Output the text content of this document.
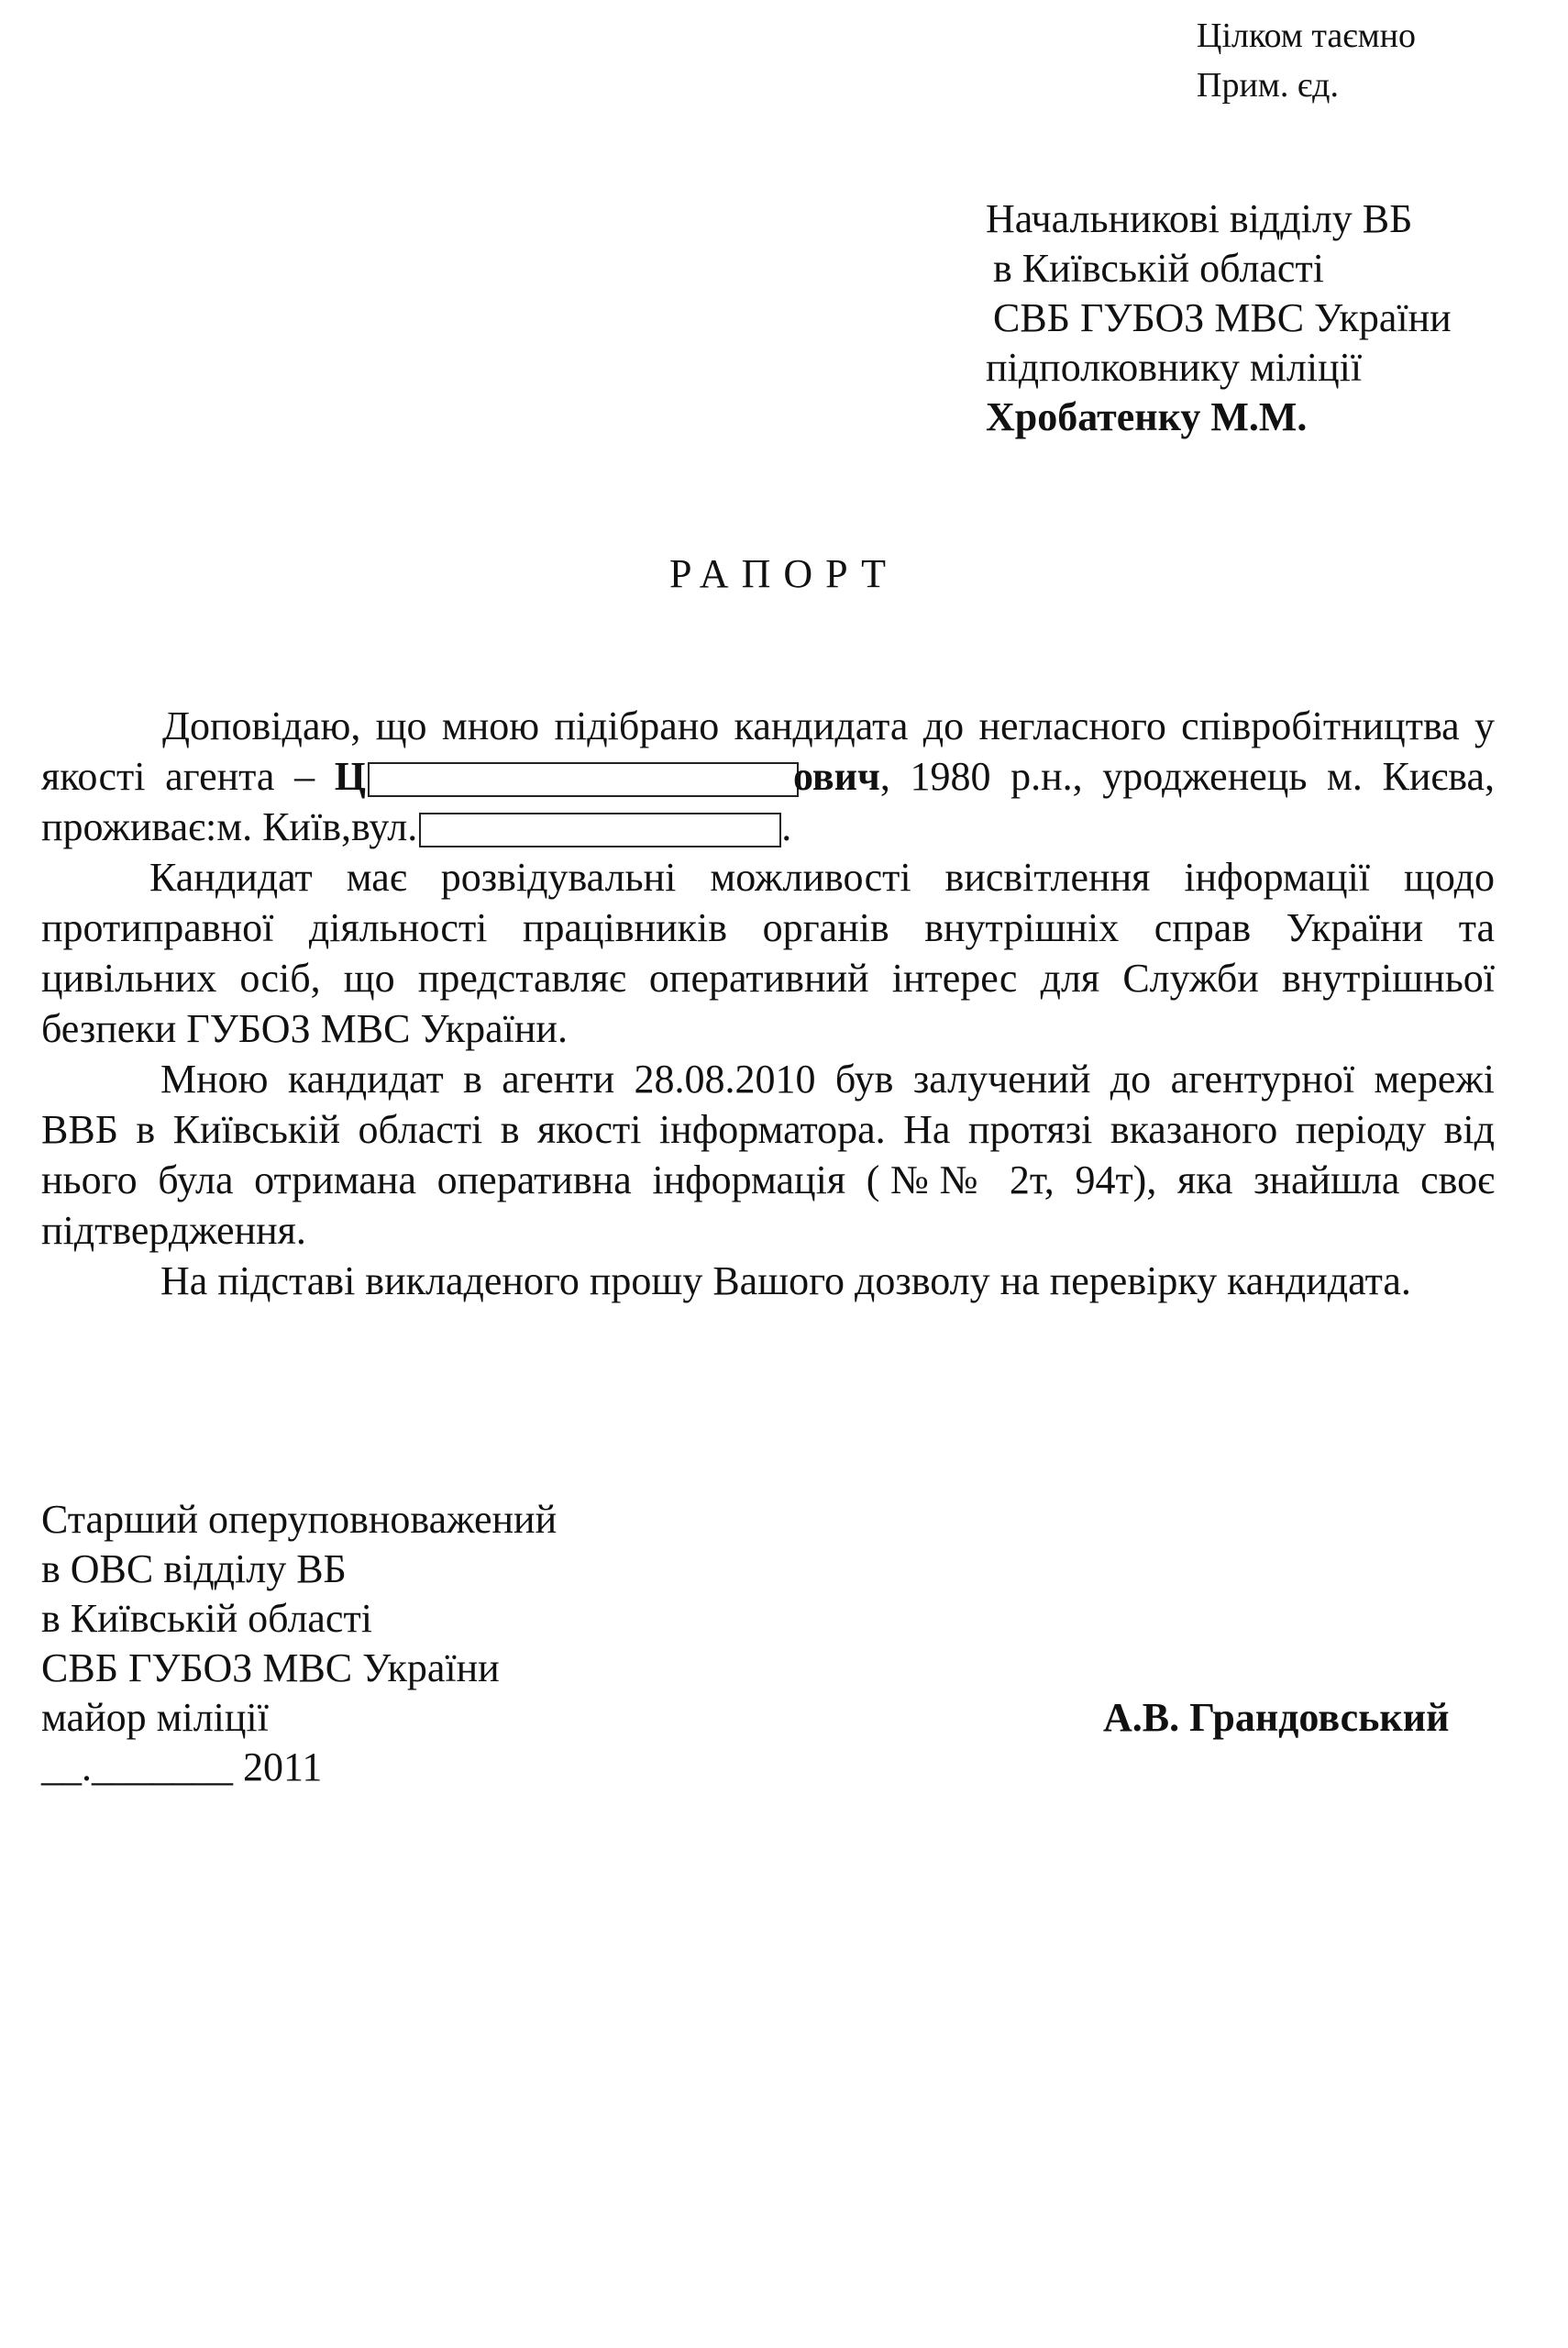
Цілком таємно
Прим. єд.
Начальникові відділу ВБ
в Київській області
СВБ ГУБОЗ МВС України
підполковнику міліції
Хробатенку М.М.
РАПОРТ

Доповідаю, що мною підібрано кандидата до негласного співробітництва у якості агента – Ц	ович, 1980 р.н., уродженець м. Києва, проживає:м. Київ,вул.	.

Кандидат має розвідувальні можливості висвітлення інформації щодо протиправної діяльності працівників органів внутрішніх справ України та цивільних осіб, що представляє оперативний інтерес для Служби внутрішньої безпеки ГУБОЗ МВС України.

Мною кандидат в агенти 28.08.2010 був залучений до агентурної мережі ВВБ в Київській області в якості інформатора. На протязі вказаного періоду від нього була отримана оперативна інформація (№№ 2т, 94т), яка знайшла своє підтвердження.

На підставі викладеного прошу Вашого дозволу на перевірку кандидата.

Старший оперуповноважений
в ОВС відділу ВБ
в Київській області
СВБ ГУБОЗ МВС України
майор міліції
__._______ 2011
А.В. Грандовський
